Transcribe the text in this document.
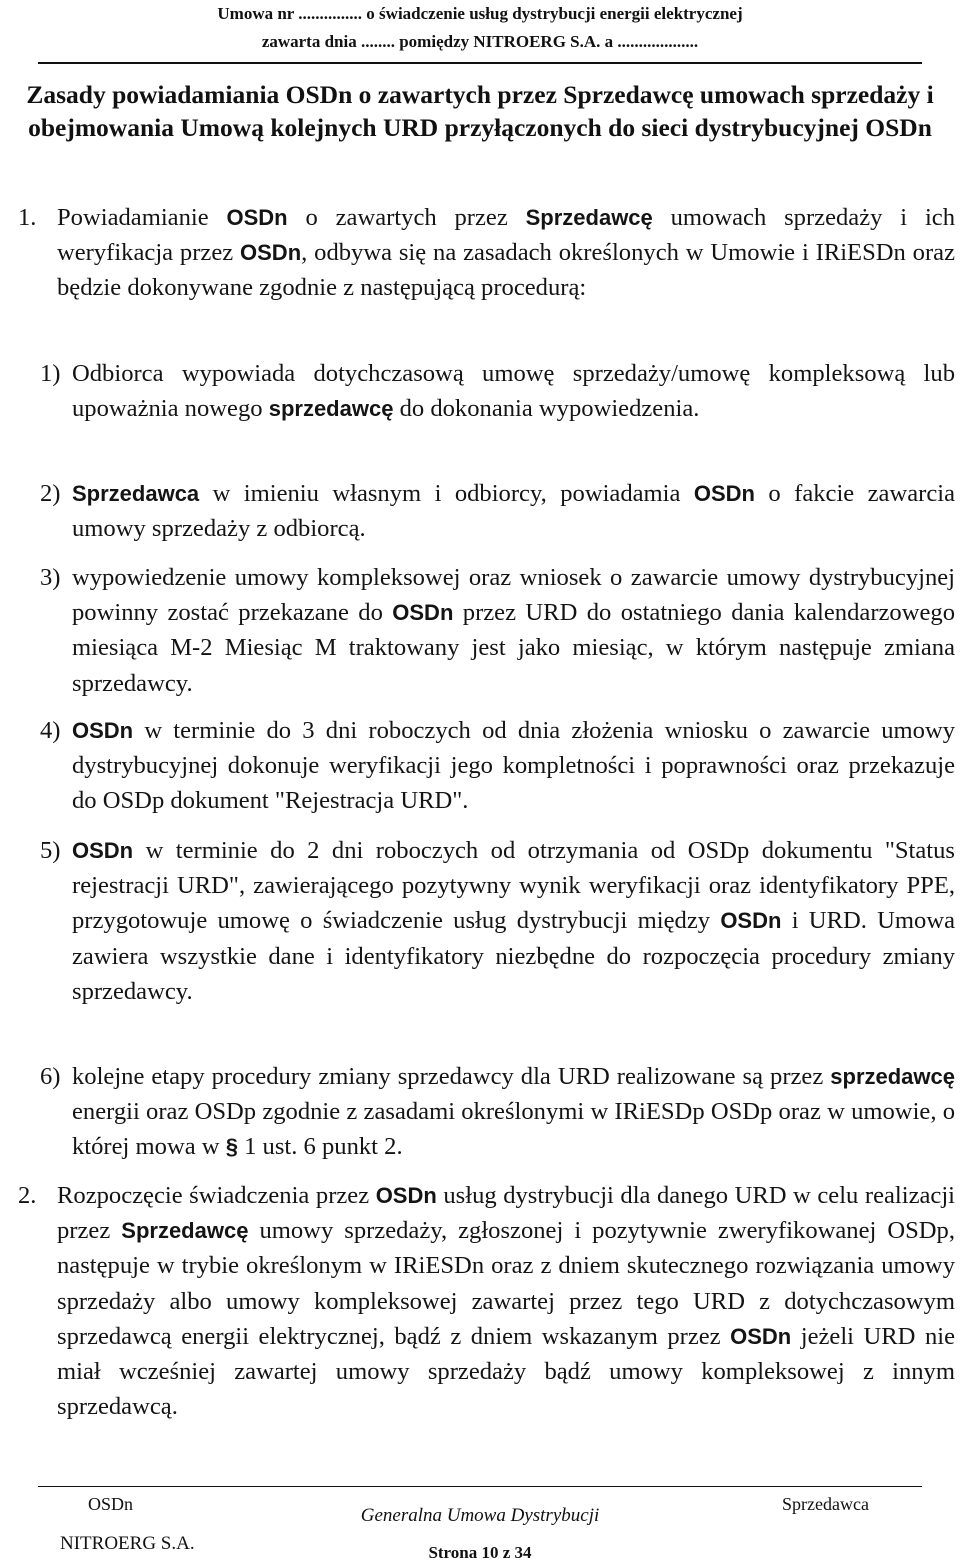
Umowa nr ............... o świadczenie usług dystrybucji energii elektrycznej
zawarta dnia ........ pomiędzy NITROERG S.A. a ...................
Zasady powiadamiania OSDn o zawartych przez Sprzedawcę umowach sprzedaży i obejmowania Umową kolejnych URD przyłączonych do sieci dystrybucyjnej OSDn
1. Powiadamianie OSDn o zawartych przez Sprzedawcę umowach sprzedaży i ich weryfikacja przez OSDn, odbywa się na zasadach określonych w Umowie i IRiESDn oraz będzie dokonywane zgodnie z następującą procedurą:

1) Odbiorca wypowiada dotychczasową umowę sprzedaży/umowę kompleksową lub upoważnia nowego sprzedawcę do dokonania wypowiedzenia.

2) Sprzedawca w imieniu własnym i odbiorcy, powiadamia OSDn o fakcie zawarcia umowy sprzedaży z odbiorcą.

3) wypowiedzenie umowy kompleksowej oraz wniosek o zawarcie umowy dystrybucyjnej powinny zostać przekazane do OSDn przez URD do ostatniego dania kalendarzowego miesiąca M-2 Miesiąc M traktowany jest jako miesiąc, w którym następuje zmiana sprzedawcy.

4) OSDn w terminie do 3 dni roboczych od dnia złożenia wniosku o zawarcie umowy dystrybucyjnej dokonuje weryfikacji jego kompletności i poprawności oraz przekazuje do OSDp dokument "Rejestracja URD".

5) OSDn w terminie do 2 dni roboczych od otrzymania od OSDp dokumentu "Status rejestracji URD", zawierającego pozytywny wynik weryfikacji oraz identyfikatory PPE, przygotowuje umowę o świadczenie usług dystrybucji między OSDn i URD. Umowa zawiera wszystkie dane i identyfikatory niezbędne do rozpoczęcia procedury zmiany sprzedawcy.

6) kolejne etapy procedury zmiany sprzedawcy dla URD realizowane są przez sprzedawcę energii oraz OSDp zgodnie z zasadami określonymi w IRiESDp OSDp oraz w umowie, o której mowa w § 1 ust. 6 punkt 2.

2. Rozpoczęcie świadczenia przez OSDn usług dystrybucji dla danego URD w celu realizacji przez Sprzedawcę umowy sprzedaży, zgłoszonej i pozytywnie zweryfikowanej OSDp, następuje w trybie określonym w IRiESDn oraz z dniem skutecznego rozwiązania umowy sprzedaży albo umowy kompleksowej zawartej przez tego URD z dotychczasowym sprzedawcą energii elektrycznej, bądź z dniem wskazanym przez OSDn jeżeli URD nie miał wcześniej zawartej umowy sprzedaży bądź umowy kompleksowej z innym sprzedawcą.

OSDn
NITROERG S.A.
Generalna Umowa Dystrybucji
Strona 10 z 34
Sprzedawca
